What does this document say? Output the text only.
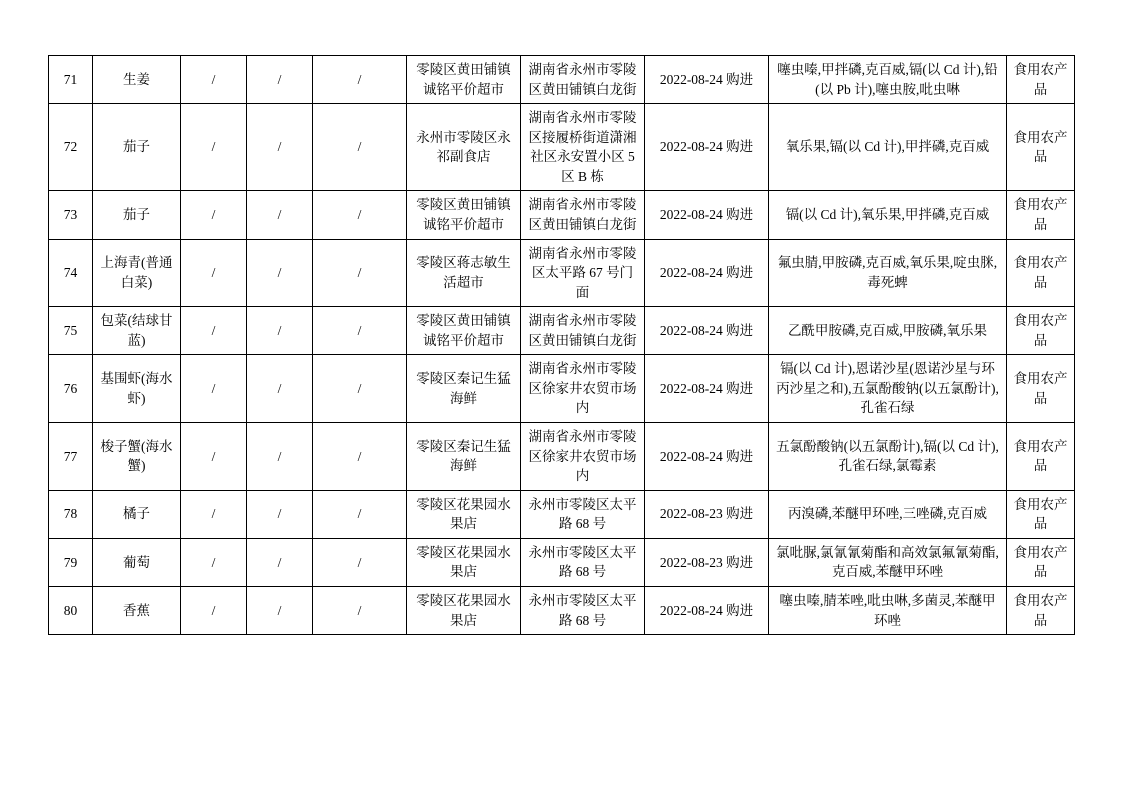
71	生姜	/	/	/	零陵区黄田铺镇诚铭平价超市	湖南省永州市零陵区黄田铺镇白龙街	2022-08-24 购进	噻虫嗪,甲拌磷,克百威,镉(以 Cd 计),铅(以 Pb 计),噻虫胺,吡虫啉	食用农产品
72	茄子	/	/	/	永州市零陵区永祁副食店	湖南省永州市零陵区接履桥街道潇湘社区永安置小区 5 区 B 栋	2022-08-24 购进	氧乐果,镉(以 Cd 计),甲拌磷,克百威	食用农产品
73	茄子	/	/	/	零陵区黄田铺镇诚铭平价超市	湖南省永州市零陵区黄田铺镇白龙街	2022-08-24 购进	镉(以 Cd 计),氧乐果,甲拌磷,克百威	食用农产品
74	上海青(普通白菜)	/	/	/	零陵区蒋志敏生活超市	湖南省永州市零陵区太平路 67 号门面	2022-08-24 购进	氟虫腈,甲胺磷,克百威,氧乐果,啶虫脒,毒死蜱	食用农产品
75	包菜(结球甘蓝)	/	/	/	零陵区黄田铺镇诚铭平价超市	湖南省永州市零陵区黄田铺镇白龙街	2022-08-24 购进	乙酰甲胺磷,克百威,甲胺磷,氧乐果	食用农产品
76	基围虾(海水虾)	/	/	/	零陵区秦记生猛海鲜	湖南省永州市零陵区徐家井农贸市场内	2022-08-24 购进	镉(以 Cd 计),恩诺沙星(恩诺沙星与环丙沙星之和),五氯酚酸钠(以五氯酚计),孔雀石绿	食用农产品
77	梭子蟹(海水蟹)	/	/	/	零陵区秦记生猛海鲜	湖南省永州市零陵区徐家井农贸市场内	2022-08-24 购进	五氯酚酸钠(以五氯酚计),镉(以 Cd 计),孔雀石绿,氯霉素	食用农产品
78	橘子	/	/	/	零陵区花果园水果店	永州市零陵区太平路 68 号	2022-08-23 购进	丙溴磷,苯醚甲环唑,三唑磷,克百威	食用农产品
79	葡萄	/	/	/	零陵区花果园水果店	永州市零陵区太平路 68 号	2022-08-23 购进	氯吡脲,氯氰氰菊酯和高效氯氟氰菊酯,克百威,苯醚甲环唑	食用农产品
80	香蕉	/	/	/	零陵区花果园水果店	永州市零陵区太平路 68 号	2022-08-24 购进	噻虫嗪,腈苯唑,吡虫啉,多菌灵,苯醚甲环唑	食用农产品
